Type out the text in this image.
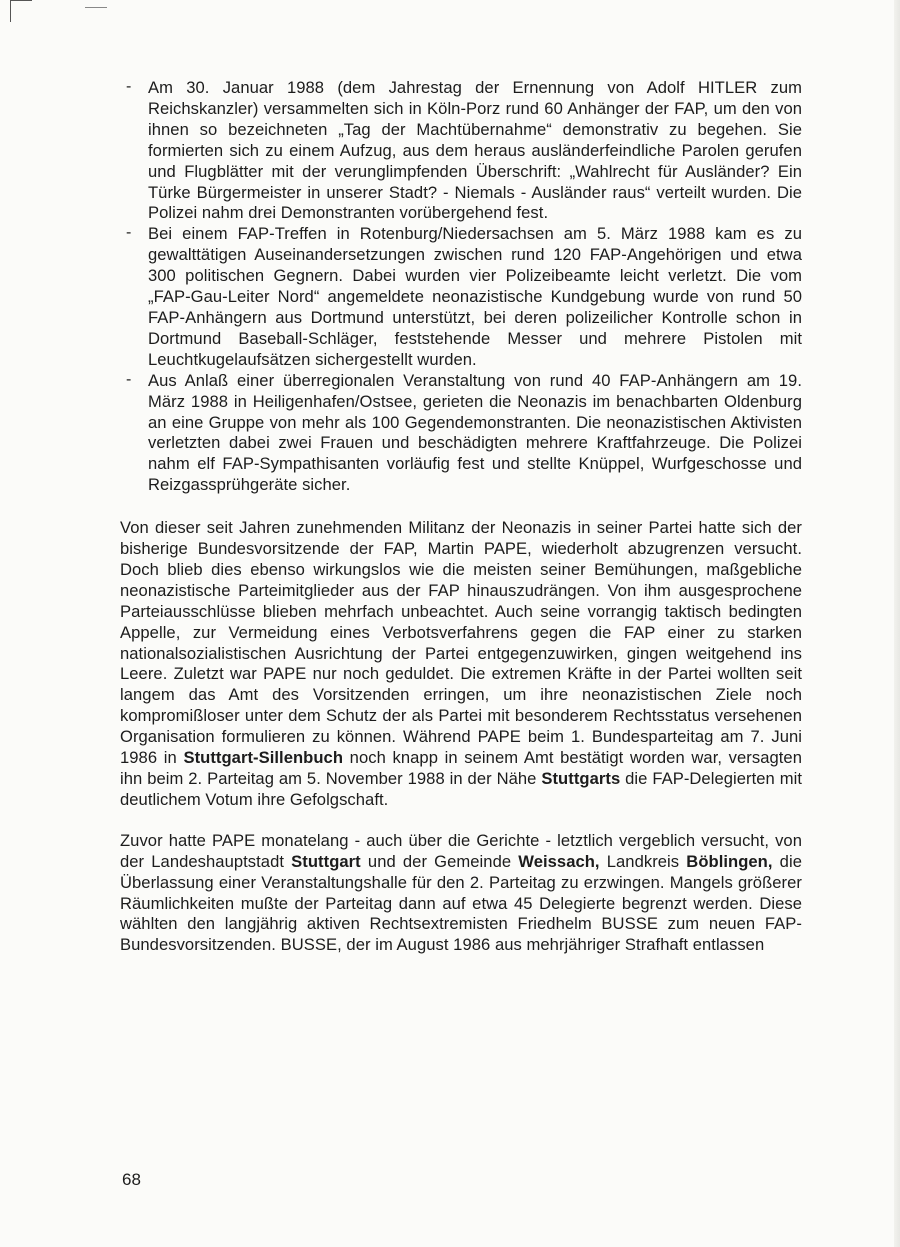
- Am 30. Januar 1988 (dem Jahrestag der Ernennung von Adolf HITLER zum Reichskanzler) versammelten sich in Köln-Porz rund 60 Anhänger der FAP, um den von ihnen so bezeichneten „Tag der Machtübernahme“ demonstrativ zu begehen. Sie formierten sich zu einem Aufzug, aus dem heraus ausländerfeindliche Parolen gerufen und Flugblätter mit der verunglimpfenden Überschrift: „Wahlrecht für Ausländer? Ein Türke Bürgermeister in unserer Stadt? - Niemals - Ausländer raus“ verteilt wurden. Die Polizei nahm drei Demonstranten vorübergehend fest.
- Bei einem FAP-Treffen in Rotenburg/Niedersachsen am 5. März 1988 kam es zu gewalttätigen Auseinandersetzungen zwischen rund 120 FAP-Angehörigen und etwa 300 politischen Gegnern. Dabei wurden vier Polizeibeamte leicht verletzt. Die vom „FAP-Gau-Leiter Nord“ angemeldete neonazistische Kundgebung wurde von rund 50 FAP-Anhängern aus Dortmund unterstützt, bei deren polizeilicher Kontrolle schon in Dortmund Baseball-Schläger, feststehende Messer und mehrere Pistolen mit Leuchtkugelaufsätzen sichergestellt wurden.
- Aus Anlaß einer überregionalen Veranstaltung von rund 40 FAP-Anhängern am 19. März 1988 in Heiligenhafen/Ostsee, gerieten die Neonazis im benachbarten Oldenburg an eine Gruppe von mehr als 100 Gegendemonstranten. Die neonazistischen Aktivisten verletzten dabei zwei Frauen und beschädigten mehrere Kraftfahrzeuge. Die Polizei nahm elf FAP-Sympathisanten vorläufig fest und stellte Knüppel, Wurfgeschosse und Reizgassprühgeräte sicher.

Von dieser seit Jahren zunehmenden Militanz der Neonazis in seiner Partei hatte sich der bisherige Bundesvorsitzende der FAP, Martin PAPE, wiederholt abzugrenzen versucht. Doch blieb dies ebenso wirkungslos wie die meisten seiner Bemühungen, maßgebliche neonazistische Parteimitglieder aus der FAP hinauszudrängen. Von ihm ausgesprochene Parteiausschlüsse blieben mehrfach unbeachtet. Auch seine vorrangig taktisch bedingten Appelle, zur Vermeidung eines Verbotsverfahrens gegen die FAP einer zu starken nationalsozialistischen Ausrichtung der Partei entgegenzuwirken, gingen weitgehend ins Leere. Zuletzt war PAPE nur noch geduldet. Die extremen Kräfte in der Partei wollten seit langem das Amt des Vorsitzenden erringen, um ihre neonazistischen Ziele noch kompromißloser unter dem Schutz der als Partei mit besonderem Rechtsstatus versehenen Organisation formulieren zu können. Während PAPE beim 1. Bundesparteitag am 7. Juni 1986 in Stuttgart-Sillenbuch noch knapp in seinem Amt bestätigt worden war, versagten ihn beim 2. Parteitag am 5. November 1988 in der Nähe Stuttgarts die FAP-Delegierten mit deutlichem Votum ihre Gefolgschaft.

Zuvor hatte PAPE monatelang - auch über die Gerichte - letztlich vergeblich versucht, von der Landeshauptstadt Stuttgart und der Gemeinde Weissach, Landkreis Böblingen, die Überlassung einer Veranstaltungshalle für den 2. Parteitag zu erzwingen. Mangels größerer Räumlichkeiten mußte der Parteitag dann auf etwa 45 Delegierte begrenzt werden. Diese wählten den langjährig aktiven Rechtsextremisten Friedhelm BUSSE zum neuen FAP-Bundesvorsitzenden. BUSSE, der im August 1986 aus mehrjähriger Strafhaft entlassen

68
